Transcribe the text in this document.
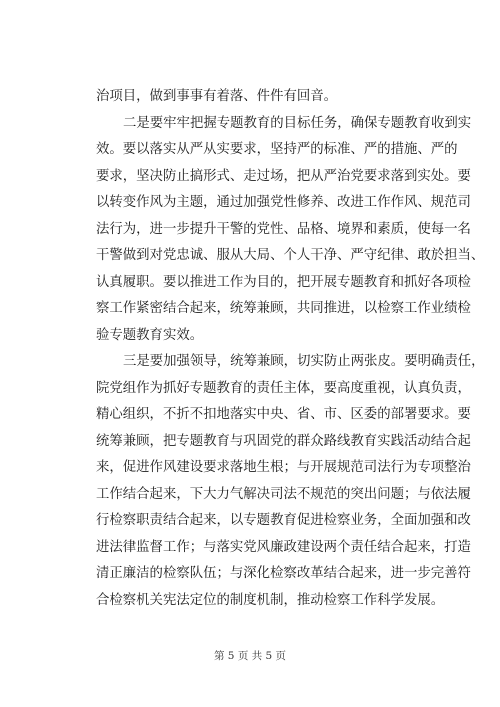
治项目，做到事事有着落、件件有回音。
二是要牢牢把握专题教育的目标任务，确保专题教育收到实
效。要以落实从严从实要求，坚持严的标准、严的措施、严的
要求，坚决防止搞形式、走过场，把从严治党要求落到实处。要
以转变作风为主题，通过加强党性修养、改进工作作风、规范司
法行为，进一步提升干警的党性、品格、境界和素质，使每一名
干警做到对党忠诚、服从大局、个人干净、严守纪律、敢於担当、
认真履职。要以推进工作为目的，把开展专题教育和抓好各项检
察工作紧密结合起来，统筹兼顾，共同推进，以检察工作业绩检
验专题教育实效。
三是要加强领导，统筹兼顾，切实防止两张皮。要明确责任，
院党组作为抓好专题教育的责任主体，要高度重视，认真负责，
精心组织，不折不扣地落实中央、省、市、区委的部署要求。要
统筹兼顾，把专题教育与巩固党的群众路线教育实践活动结合起
来，促进作风建设要求落地生根；与开展规范司法行为专项整治
工作结合起来，下大力气解决司法不规范的突出问题；与依法履
行检察职责结合起来，以专题教育促进检察业务，全面加强和改
进法律监督工作；与落实党风廉政建设两个责任结合起来，打造
清正廉洁的检察队伍；与深化检察改革结合起来，进一步完善符
合检察机关宪法定位的制度机制，推动检察工作科学发展。
第 5 页 共 5 页
